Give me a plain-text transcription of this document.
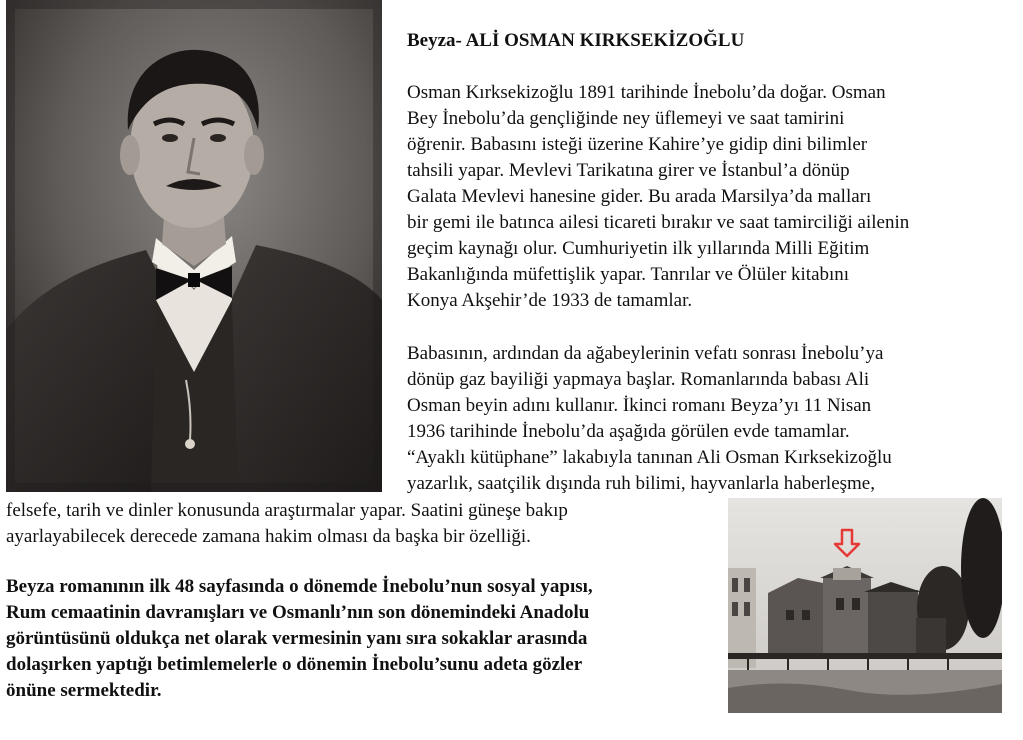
Beyza- ALİ OSMAN KIRKSEKİZOĞLU
Osman Kırksekizoğlu 1891 tarihinde İnebolu’da doğar. Osman
Bey İnebolu’da gençliğinde ney üflemeyi ve saat tamirini
öğrenir. Babasını isteği üzerine Kahire’ye gidip dini bilimler
tahsili yapar. Mevlevi Tarikatına girer ve İstanbul’a dönüp
Galata Mevlevi hanesine gider. Bu arada Marsilya’da malları
bir gemi ile batınca ailesi ticareti bırakır ve saat tamirciliği ailenin
geçim kaynağı olur. Cumhuriyetin ilk yıllarında Milli Eğitim
Bakanlığında müfettişlik yapar. Tanrılar ve Ölüler kitabını
Konya Akşehir’de 1933 de tamamlar.
Babasının, ardından da ağabeylerinin vefatı sonrası İnebolu’ya
dönüp gaz bayiliği yapmaya başlar. Romanlarında babası Ali
Osman beyin adını kullanır. İkinci romanı Beyza’yı 11 Nisan
1936 tarihinde İnebolu’da aşağıda görülen evde tamamlar.
“Ayaklı kütüphane” lakabıyla tanınan Ali Osman Kırksekizoğlu
yazarlık, saatçilik dışında ruh bilimi, hayvanlarla haberleşme,
felsefe, tarih ve dinler konusunda araştırmalar yapar. Saatini güneşe bakıp
ayarlayabilecek derecede zamana hakim olması da başka bir özelliği.
Beyza romanının ilk 48 sayfasında o dönemde İnebolu’nun sosyal yapısı,
Rum cemaatinin davranışları ve Osmanlı’nın son dönemindeki Anadolu
görüntüsünü oldukça net olarak vermesinin yanı sıra sokaklar arasında
dolaşırken yaptığı betimlemelerle o dönemin İnebolu’sunu adeta gözler
önüne sermektedir.
